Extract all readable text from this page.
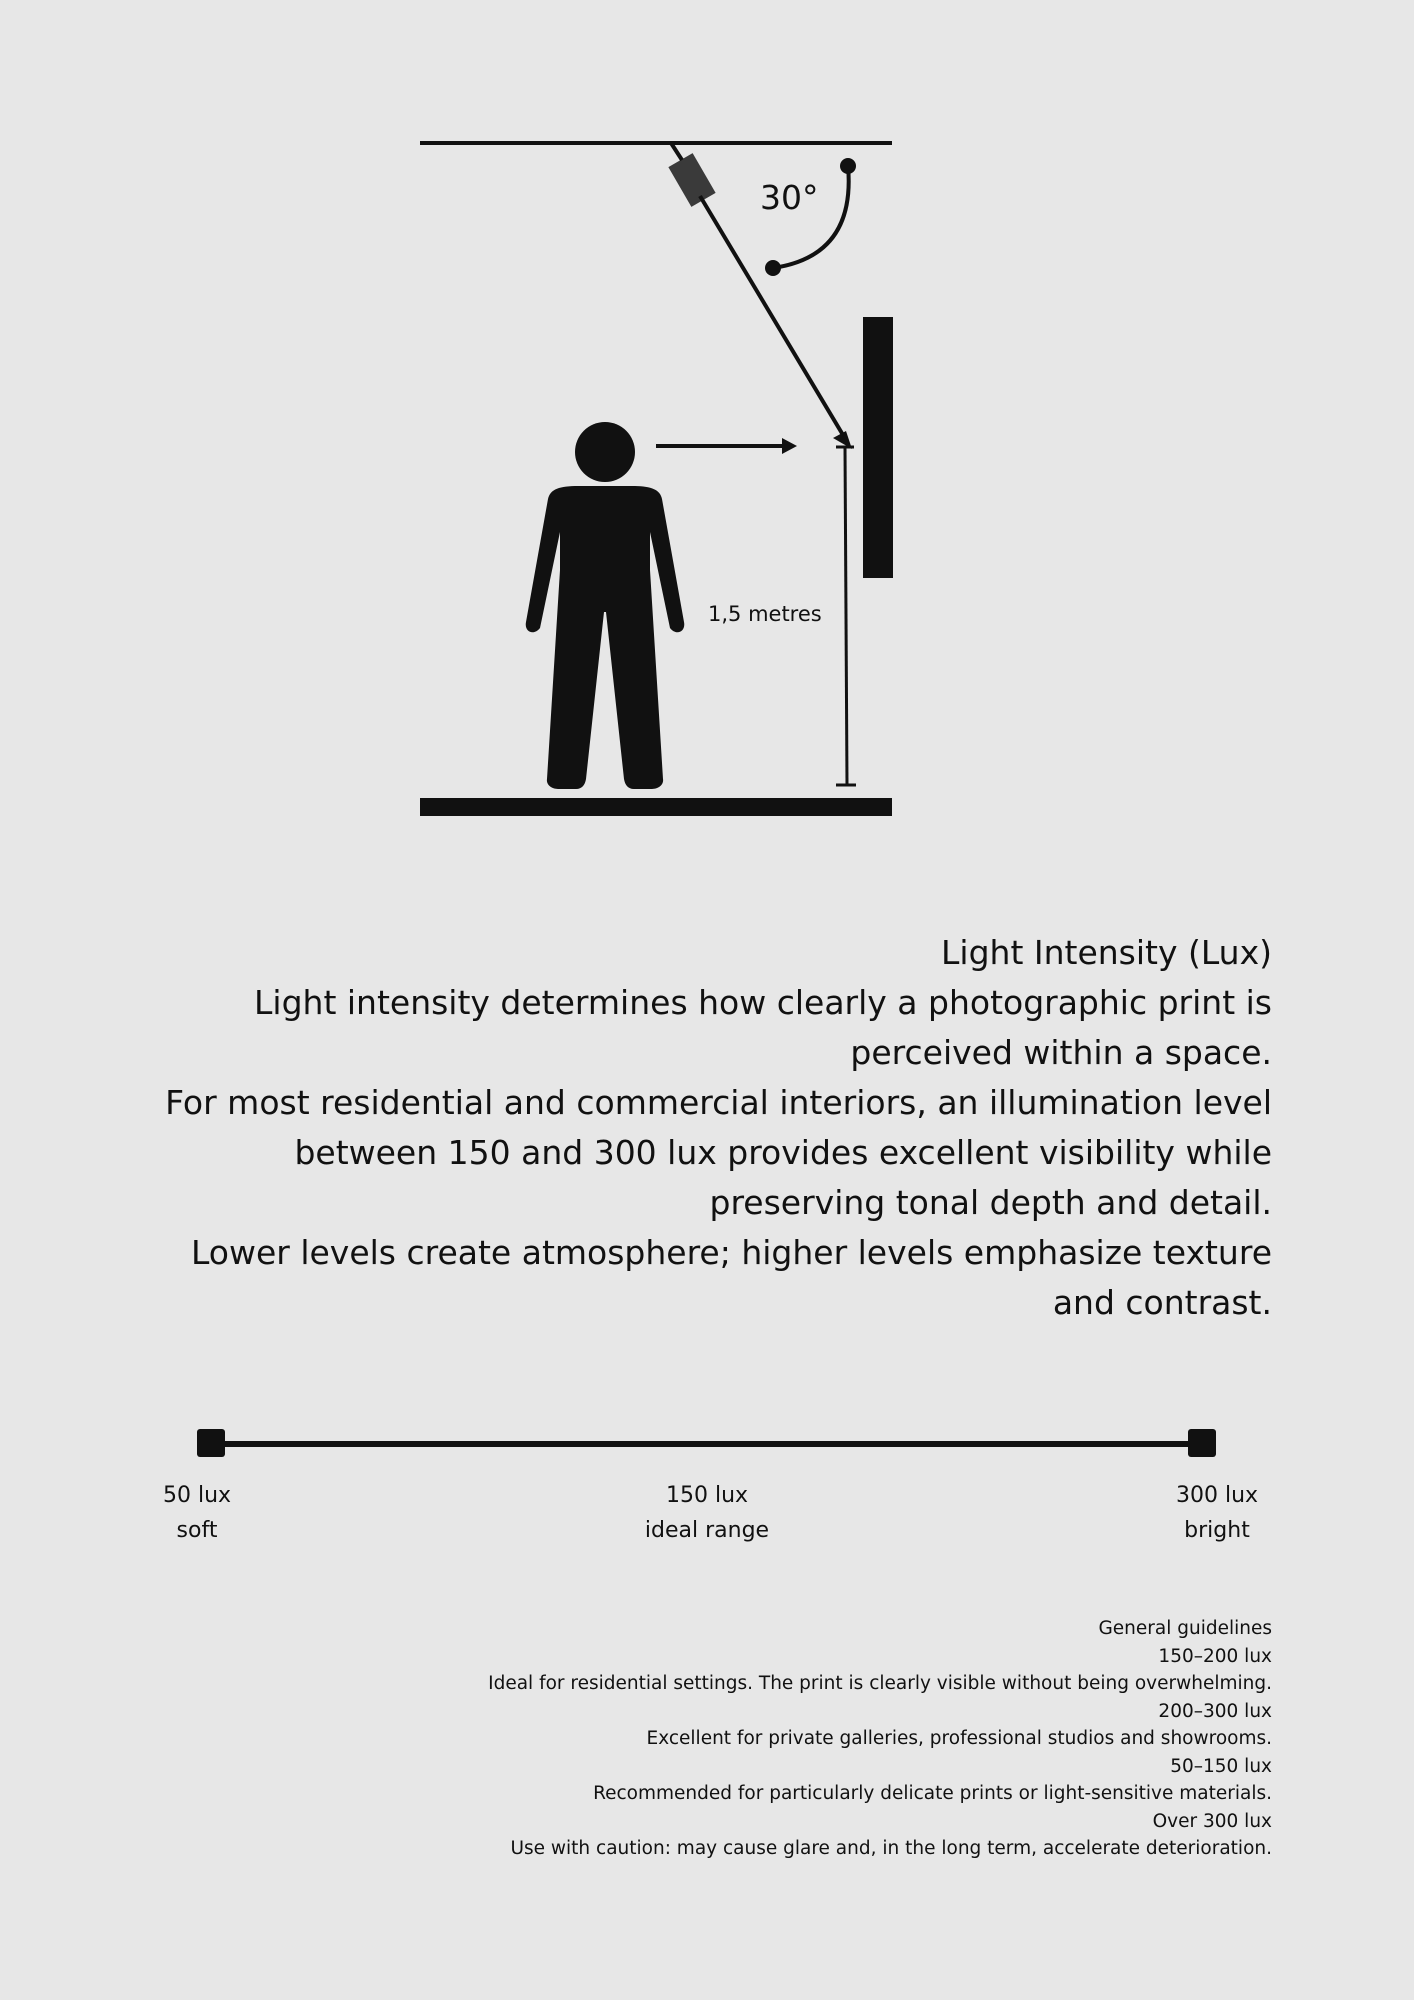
30°
1,5 metres

Light Intensity (Lux)

Light intensity determines how clearly a photographic print is perceived within a space.

For most residential and commercial interiors, an illumination level between 150 and 300 lux provides excellent visibility while preserving tonal depth and detail.

Lower levels create atmosphere; higher levels emphasize texture and contrast.

50 lux
soft
150 lux
ideal range
300 lux
bright
General guidelines
150–200 lux
Ideal for residential settings. The print is clearly visible without being overwhelming.
200–300 lux
Excellent for private galleries, professional studios and showrooms.
50–150 lux
Recommended for particularly delicate prints or light-sensitive materials.
Over 300 lux
Use with caution: may cause glare and, in the long term, accelerate deterioration.
